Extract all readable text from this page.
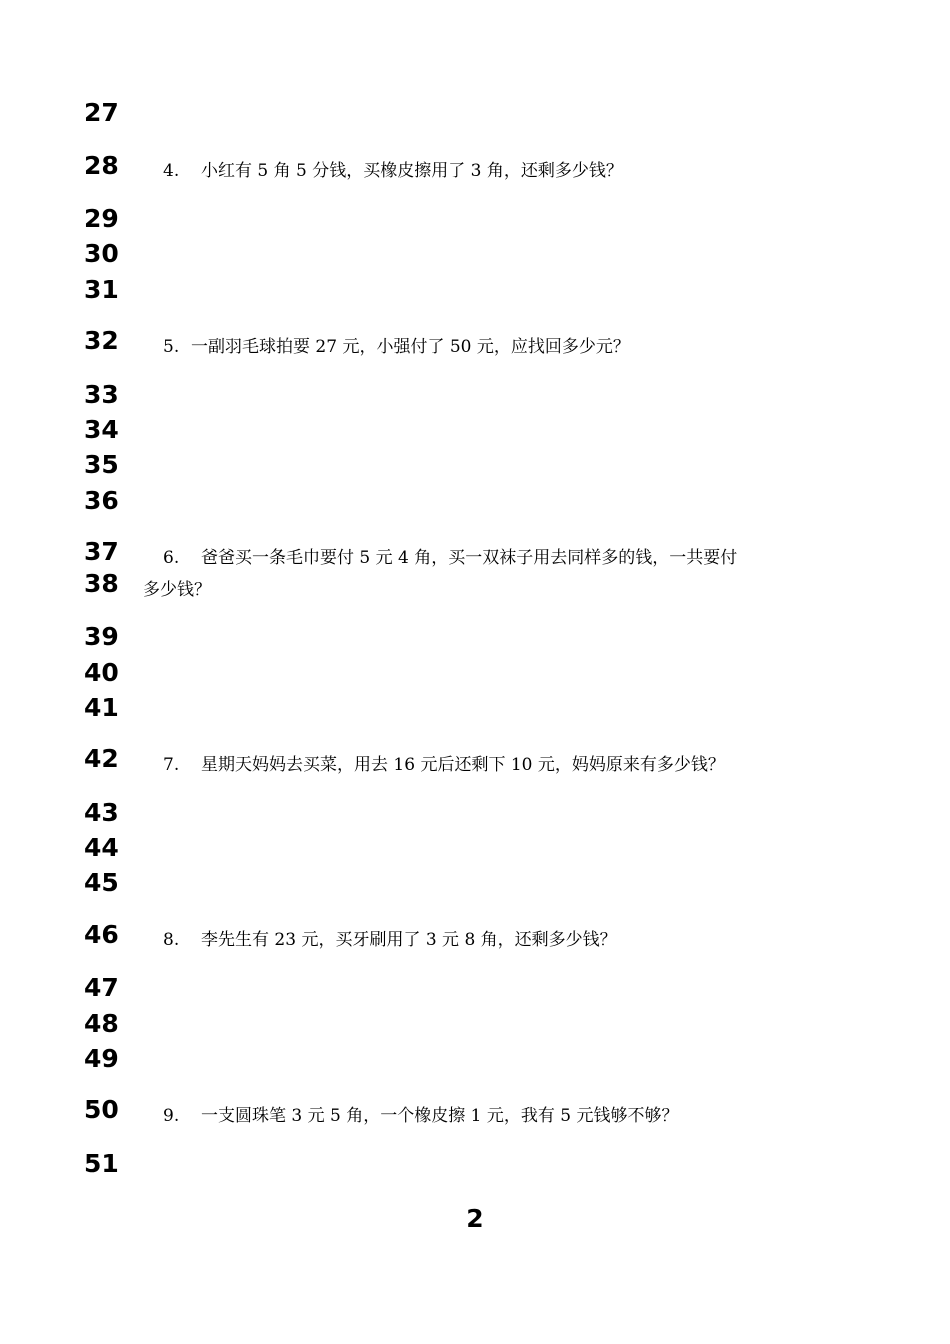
27
28
29
30
31
32
33
34
35
36
37
38
39
40
41
42
43
44
45
46
47
48
49
50
51
4. 小红有 5 角 5 分钱，买橡皮擦用了 3 角，还剩多少钱？
5. 一副羽毛球拍要 27 元，小强付了 50 元，应找回多少元？
6. 爸爸买一条毛巾要付 5 元 4 角，买一双袜子用去同样多的钱，一共要付
多少钱？
7. 星期天妈妈去买菜，用去 16 元后还剩下 10 元，妈妈原来有多少钱？
8. 李先生有 23 元，买牙刷用了 3 元 8 角，还剩多少钱？
9. 一支圆珠笔 3 元 5 角，一个橡皮擦 1 元，我有 5 元钱够不够？
2
